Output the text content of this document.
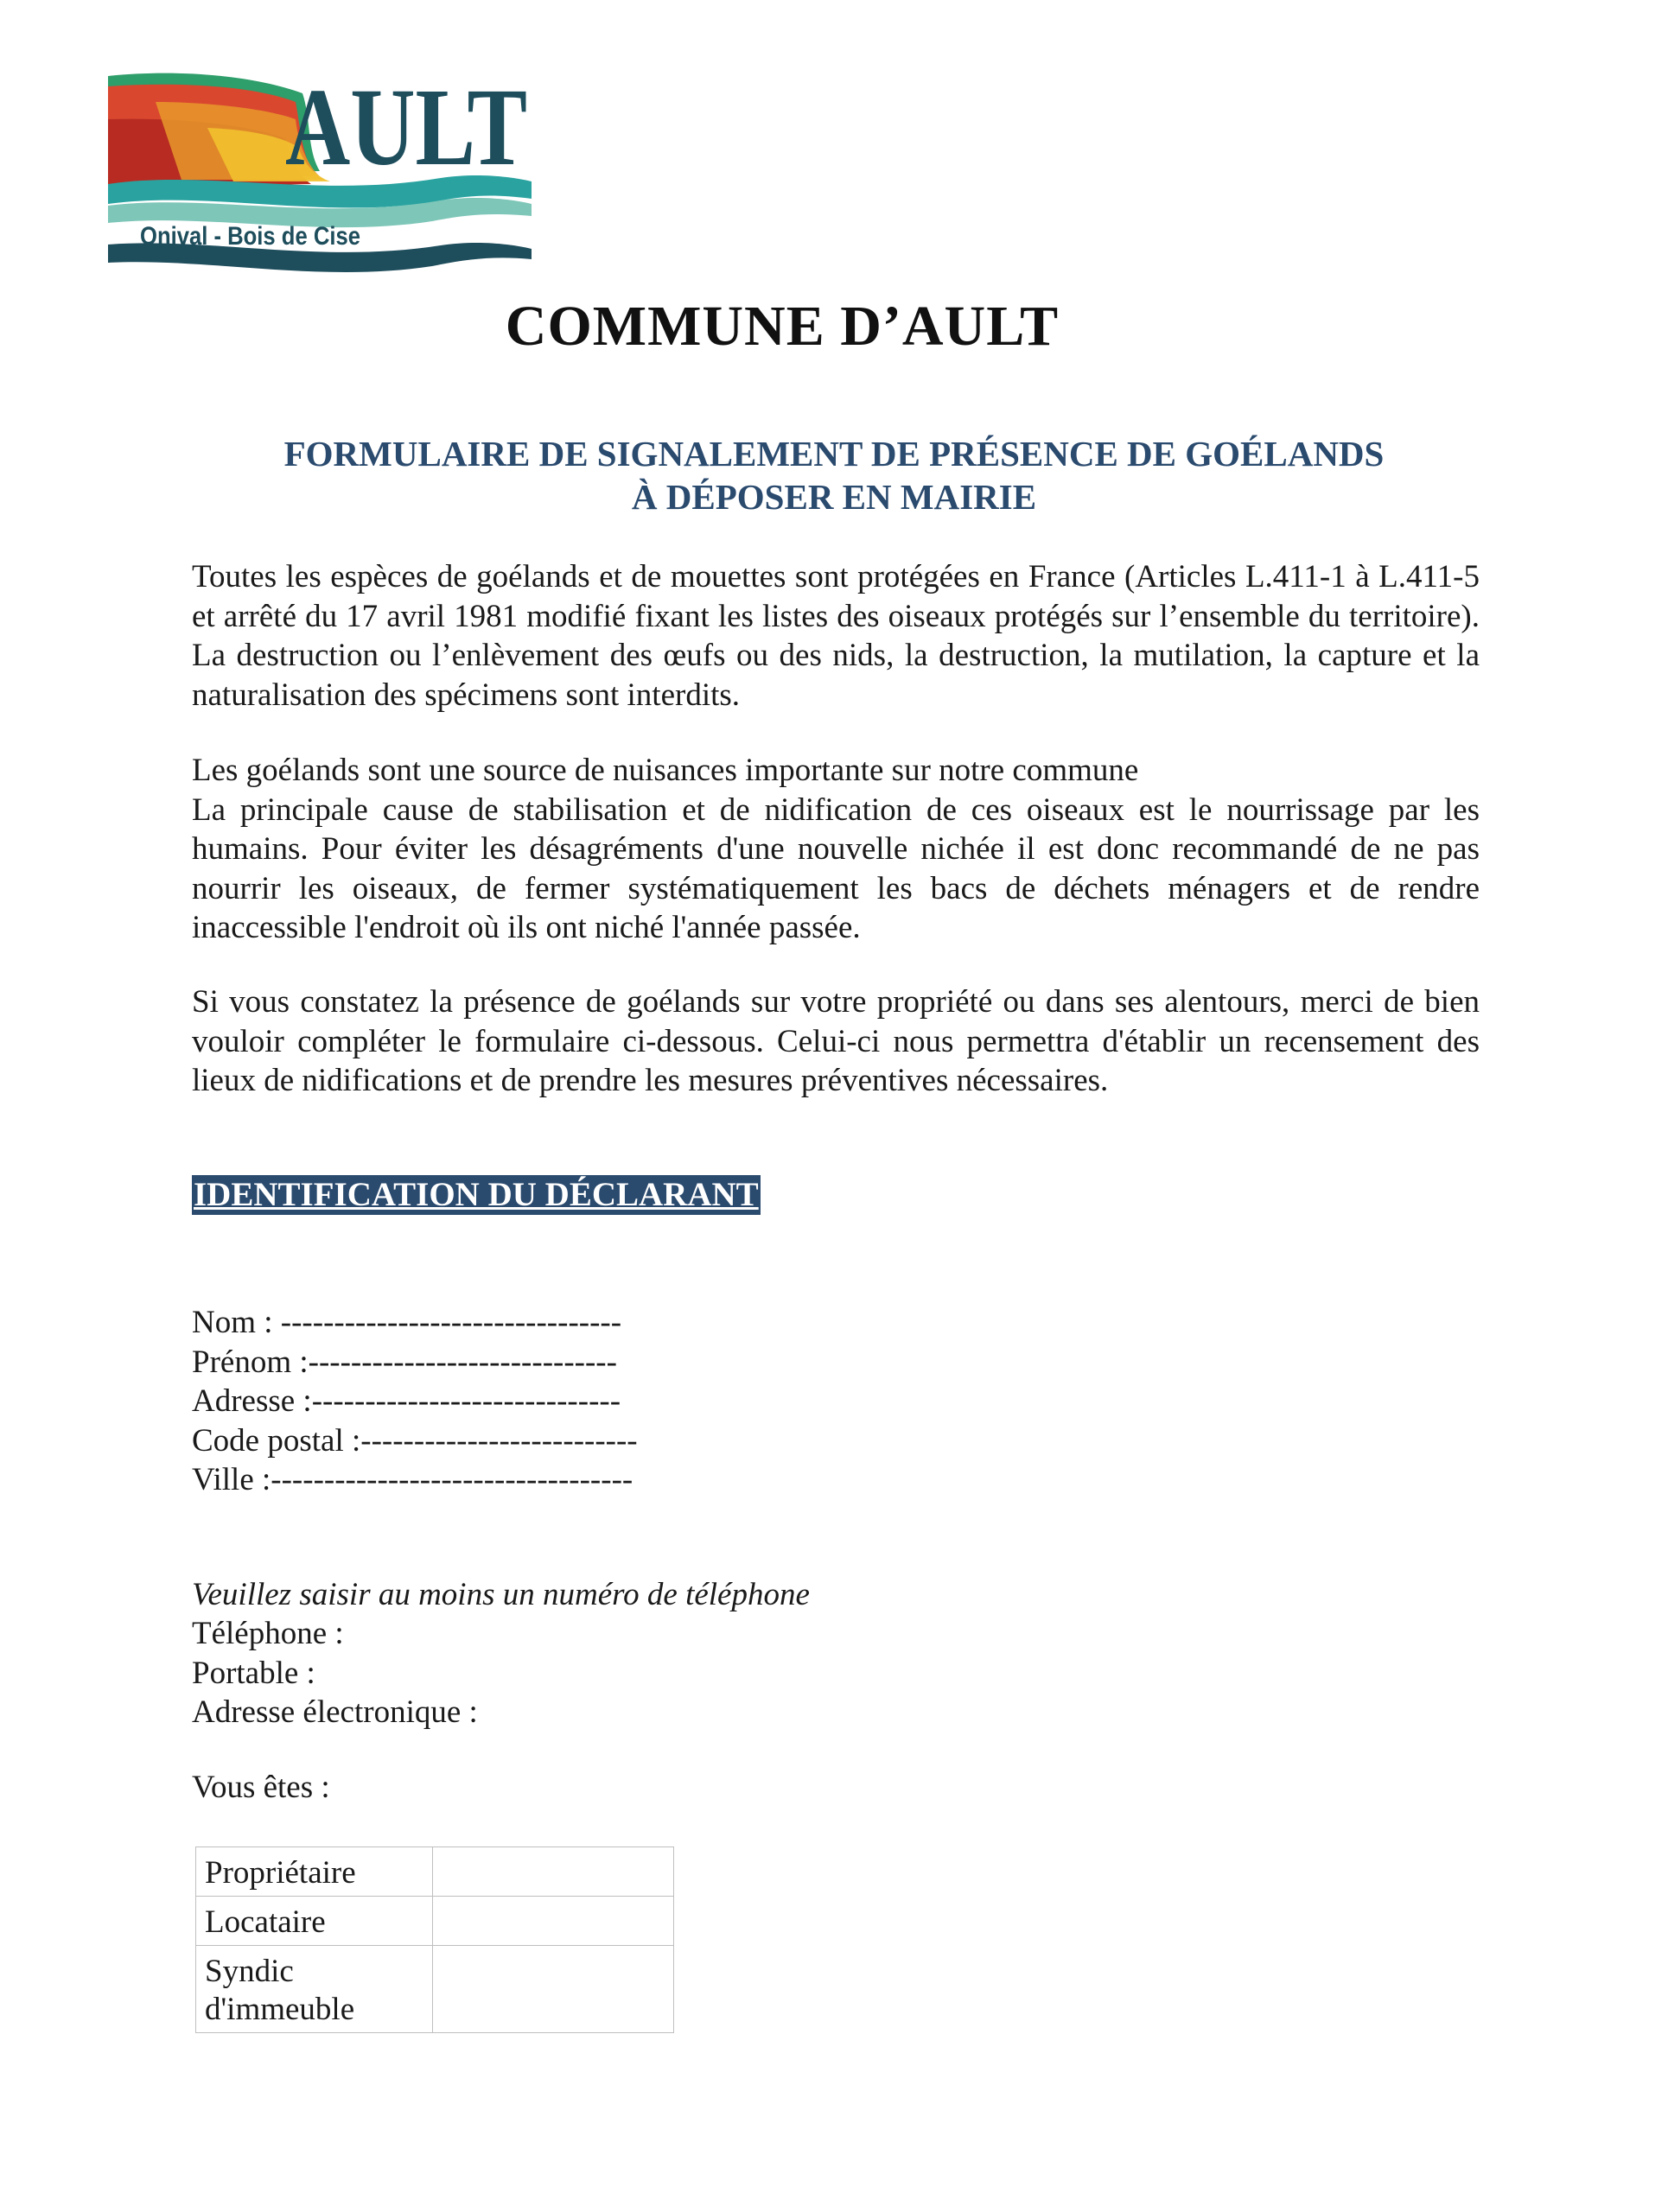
AULT
Onival - Bois de Cise
COMMUNE D’AULT
FORMULAIRE DE SIGNALEMENT DE PRÉSENCE DE GOÉLANDS
À DÉPOSER EN MAIRIE

Toutes les espèces de goélands et de mouettes sont protégées en France (Articles L.411-1 à L.411-5 et arrêté du 17 avril 1981 modifié fixant les listes des oiseaux protégés sur l’ensemble du territoire). La destruction ou l’enlèvement des œufs ou des nids, la destruction, la mutilation, la capture et la naturalisation des spécimens sont interdits.

Les goélands sont une source de nuisances importante sur notre commune

La principale cause de stabilisation et de nidification de ces oiseaux est le nourrissage par les humains. Pour éviter les désagréments d'une nouvelle nichée il est donc recommandé de ne pas nourrir les oiseaux, de fermer systématiquement les bacs de déchets ménagers et de rendre inaccessible l'endroit où ils ont niché l'année passée.

Si vous constatez la présence de goélands sur votre propriété ou dans ses alentours, merci de bien vouloir compléter le formulaire ci-dessous. Celui-ci nous permettra d'établir un recensement des lieux de nidifications et de prendre les mesures préventives nécessaires.

IDENTIFICATION DU DÉCLARANT
Nom : --------------------------------
Prénom :-----------------------------
Adresse :-----------------------------
Code postal :--------------------------
Ville :----------------------------------
Veuillez saisir au moins un numéro de téléphone
Téléphone :
Portable :
Adresse électronique :
Vous êtes :
Propriétaire	
Locataire	
Syndic d'immeuble	
